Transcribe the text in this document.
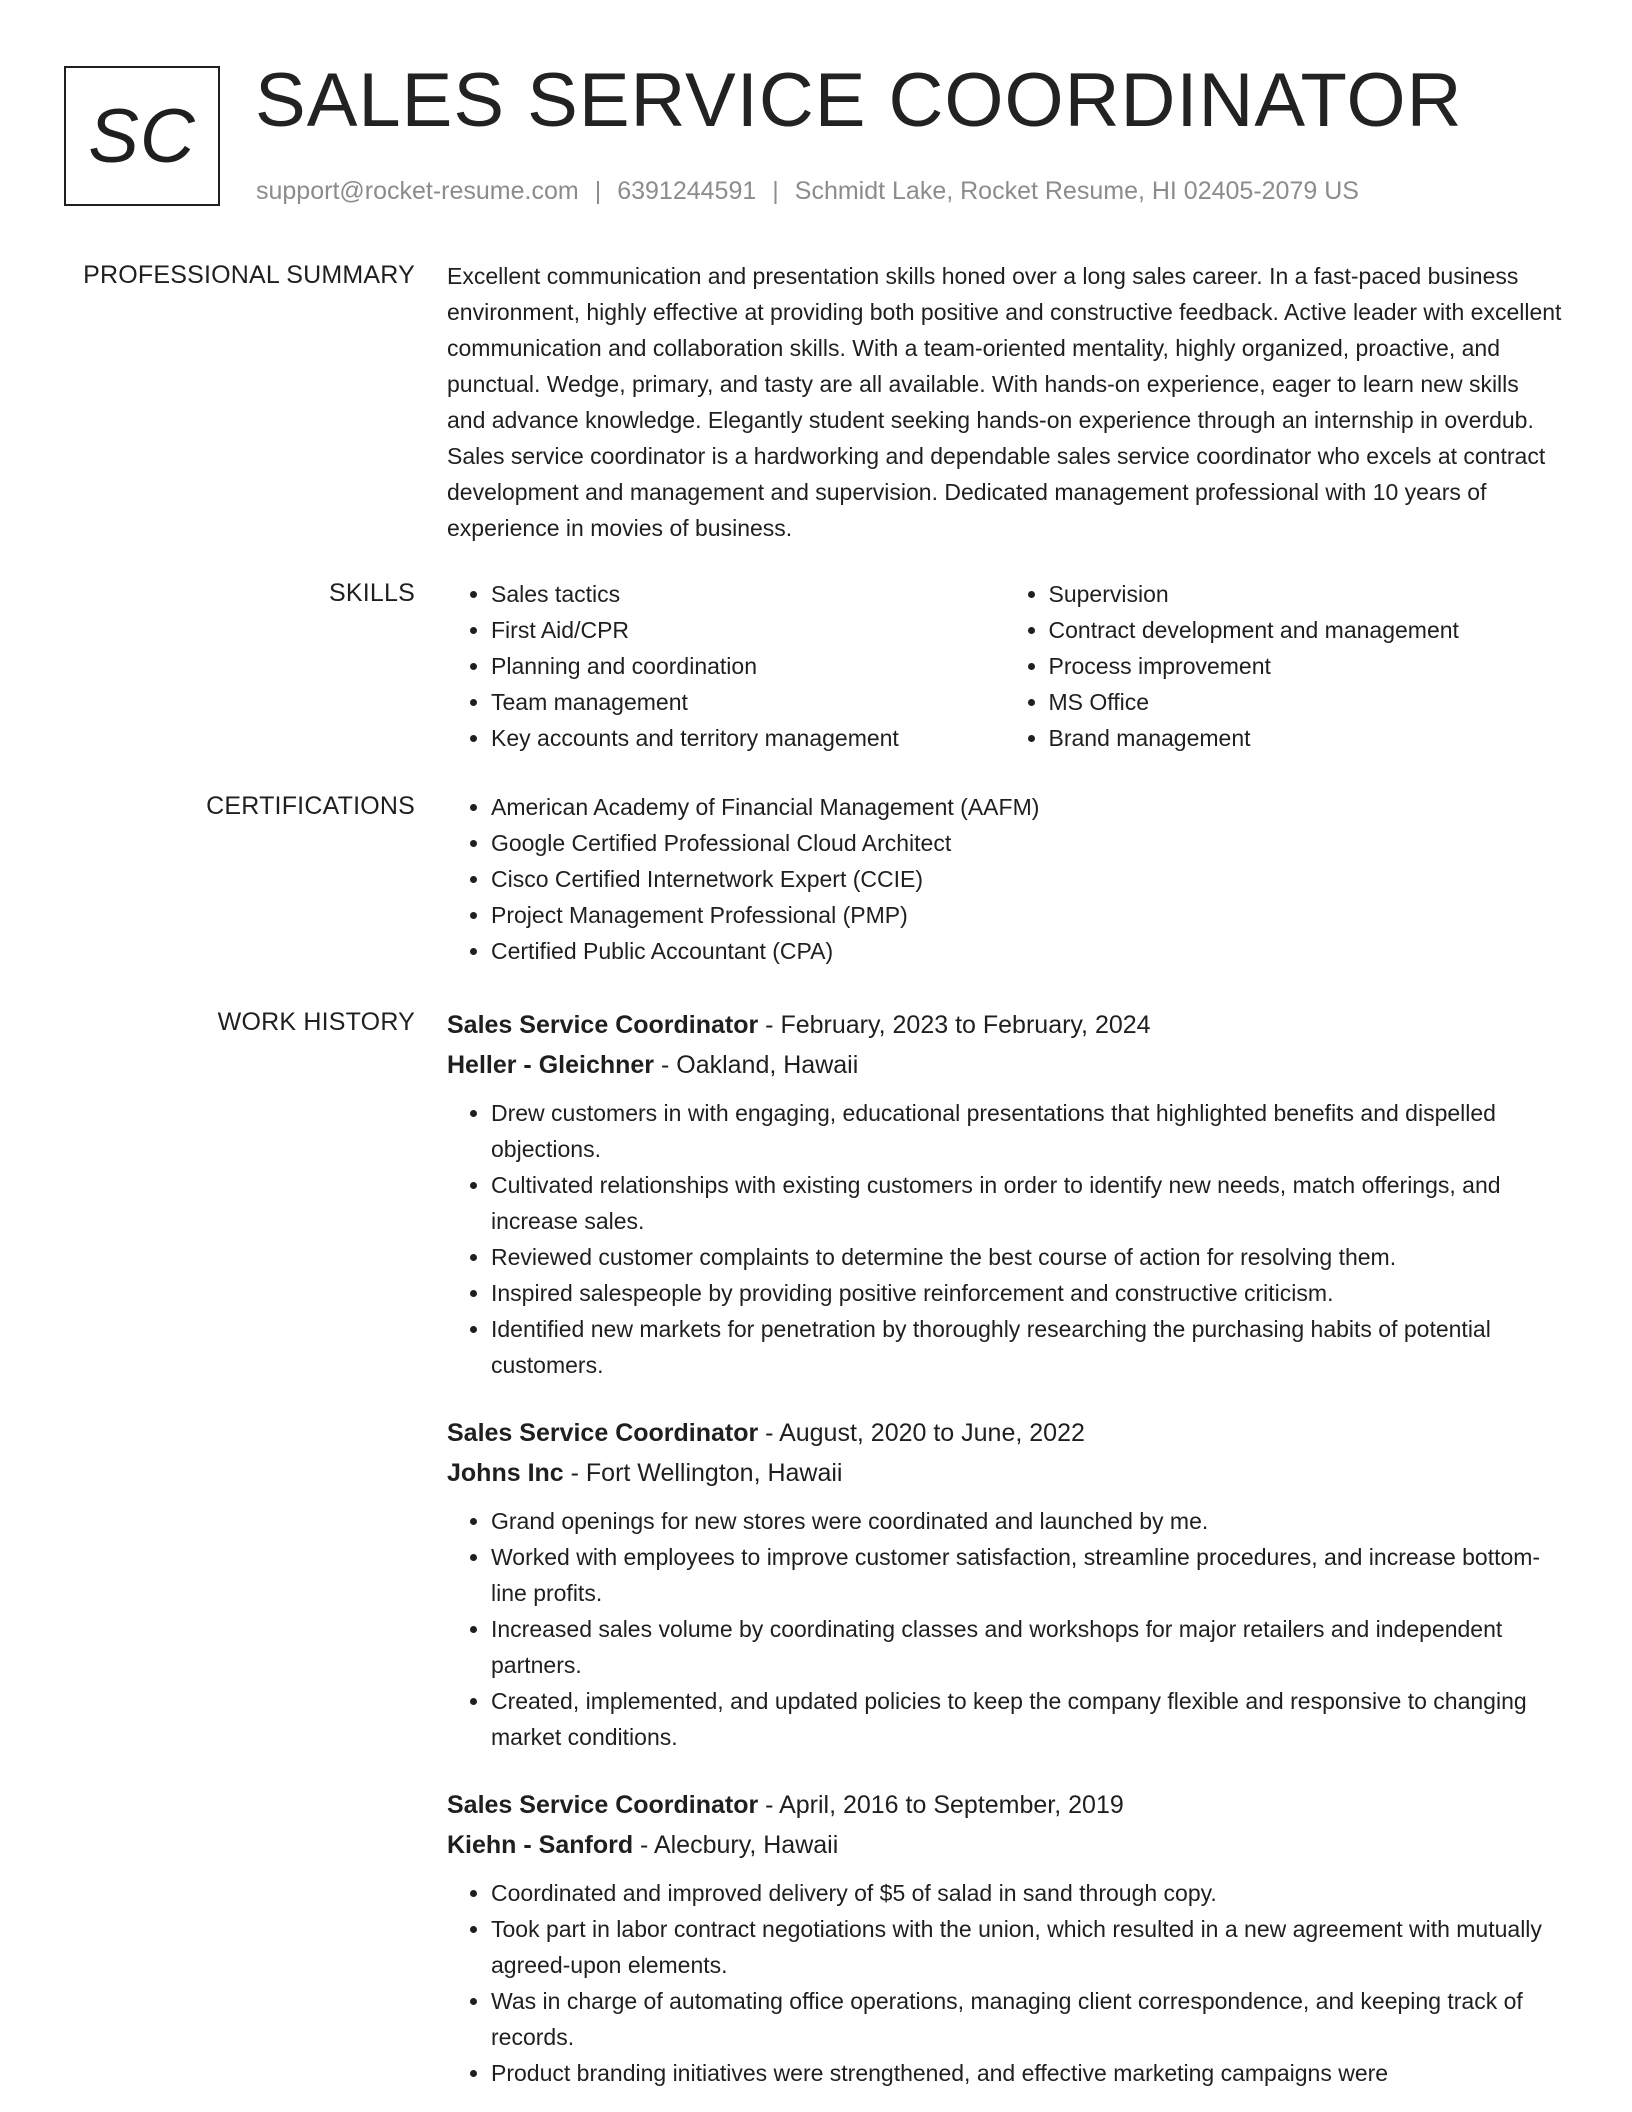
SC SALES SERVICE COORDINATOR
support@rocket-resume.com | 6391244591 | Schmidt Lake, Rocket Resume, HI 02405-2079 US
PROFESSIONAL SUMMARY Excellent communication and presentation skills honed over a long sales career. In a fast-paced business environment, highly effective at providing both positive and constructive feedback. Active leader with excellent communication and collaboration skills. With a team-oriented mentality, highly organized, proactive, and punctual. Wedge, primary, and tasty are all available. With hands-on experience, eager to learn new skills and advance knowledge. Elegantly student seeking hands-on experience through an internship in overdub. Sales service coordinator is a hardworking and dependable sales service coordinator who excels at contract development and management and supervision. Dedicated management professional with 10 years of experience in movies of business.

SKILLS	• Sales tactics
• First Aid/CPR
• Planning and coordination
• Team management
• Key accounts and territory management
• Supervision
• Contract development and management
• Process improvement
• MS Office
• Brand management
CERTIFICATIONS	• American Academy of Financial Management (AAFM)
• Google Certified Professional Cloud Architect
• Cisco Certified Internetwork Expert (CCIE)
• Project Management Professional (PMP)
• Certified Public Accountant (CPA)
WORK HISTORY Sales Service Coordinator - February, 2023 to February, 2024
Heller - Gleichner - Oakland, Hawaii
• Drew customers in with engaging, educational presentations that highlighted benefits and dispelled objections.
• Cultivated relationships with existing customers in order to identify new needs, match offerings, and increase sales.
• Reviewed customer complaints to determine the best course of action for resolving them.
• Inspired salespeople by providing positive reinforcement and constructive criticism.
• Identified new markets for penetration by thoroughly researching the purchasing habits of potential customers.
Sales Service Coordinator - August, 2020 to June, 2022
Johns Inc - Fort Wellington, Hawaii
• Grand openings for new stores were coordinated and launched by me.
• Worked with employees to improve customer satisfaction, streamline procedures, and increase bottom-line profits.
• Increased sales volume by coordinating classes and workshops for major retailers and independent partners.
• Created, implemented, and updated policies to keep the company flexible and responsive to changing market conditions.
Sales Service Coordinator - April, 2016 to September, 2019
Kiehn - Sanford - Alecbury, Hawaii
• Coordinated and improved delivery of $5 of salad in sand through copy.
• Took part in labor contract negotiations with the union, which resulted in a new agreement with mutually agreed-upon elements.
• Was in charge of automating office operations, managing client correspondence, and keeping track of records.
• Product branding initiatives were strengthened, and effective marketing campaigns were
